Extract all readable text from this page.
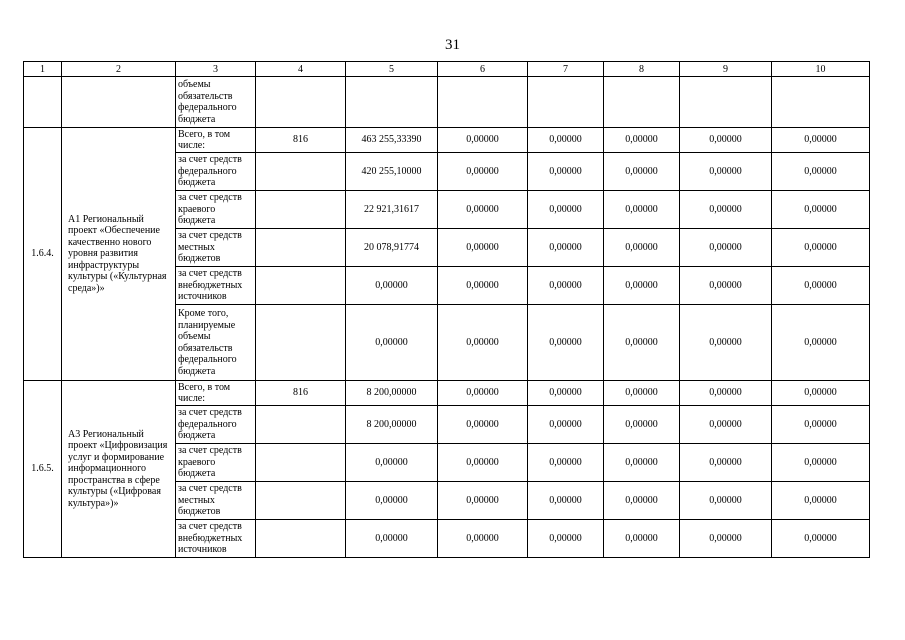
31
1	2	3	4	5	6	7	8	9	10
		объемы обязательств федерального бюджета							
1.6.4.	А1 Региональный проект «Обеспечение качественно нового уровня развития инфраструктуры культуры («Культурная среда»)»	Всего, в том числе:	816	463 255,33390	0,00000	0,00000	0,00000	0,00000	0,00000
		за счет средств федерального бюджета		420 255,10000	0,00000	0,00000	0,00000	0,00000	0,00000
		за счет средств краевого бюджета		22 921,31617	0,00000	0,00000	0,00000	0,00000	0,00000
		за счет средств местных бюджетов		20 078,91774	0,00000	0,00000	0,00000	0,00000	0,00000
		за счет средств внебюджетных источников		0,00000	0,00000	0,00000	0,00000	0,00000	0,00000
		Кроме того, планируемые объемы обязательств федерального бюджета		0,00000	0,00000	0,00000	0,00000	0,00000	0,00000
1.6.5.	А3 Региональный проект «Цифровизация услуг и формирование информационного пространства в сфере культуры («Цифровая культура»)»	Всего, в том числе:	816	8 200,00000	0,00000	0,00000	0,00000	0,00000	0,00000
		за счет средств федерального бюджета		8 200,00000	0,00000	0,00000	0,00000	0,00000	0,00000
		за счет средств краевого бюджета		0,00000	0,00000	0,00000	0,00000	0,00000	0,00000
		за счет средств местных бюджетов		0,00000	0,00000	0,00000	0,00000	0,00000	0,00000
		за счет средств внебюджетных источников		0,00000	0,00000	0,00000	0,00000	0,00000	0,00000
